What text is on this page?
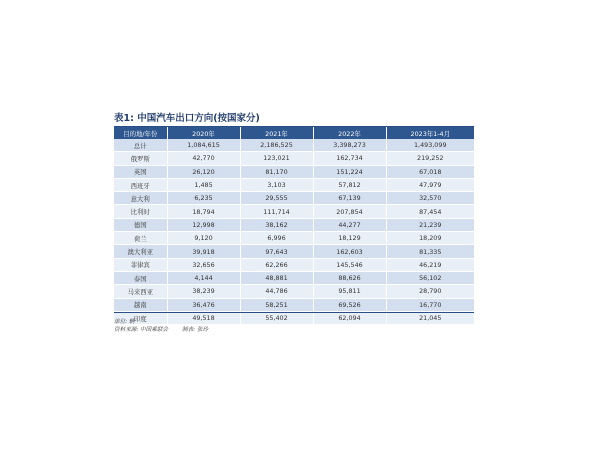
表1: 中国汽车出口方向(按国家分)
目的地/年份	2020年	2021年	2022年	2023年1-4月
总计	1,084,615	2,186,525	3,398,273	1,493,099
俄罗斯	42,770	123,021	162,734	219,252
英国	26,120	81,170	151,224	67,018
西班牙	1,485	3,103	57,812	47,979
意大利	6,235	29,555	67,139	32,570
比利时	18,794	111,714	207,854	87,454
德国	12,998	38,162	44,277	21,239
荷兰	9,120	6,996	18,129	18,209
澳大利亚	39,918	97,643	162,603	81,335
菲律宾	32,656	62,266	145,546	46,219
泰国	4,144	48,881	88,626	56,102
马来西亚	38,239	44,786	95,811	28,790
越南	36,476	58,251	69,526	16,770
印度	49,518	55,402	62,094	21,045
单位: 辆
资料来源: 中国乘联会	制表: 张玲
